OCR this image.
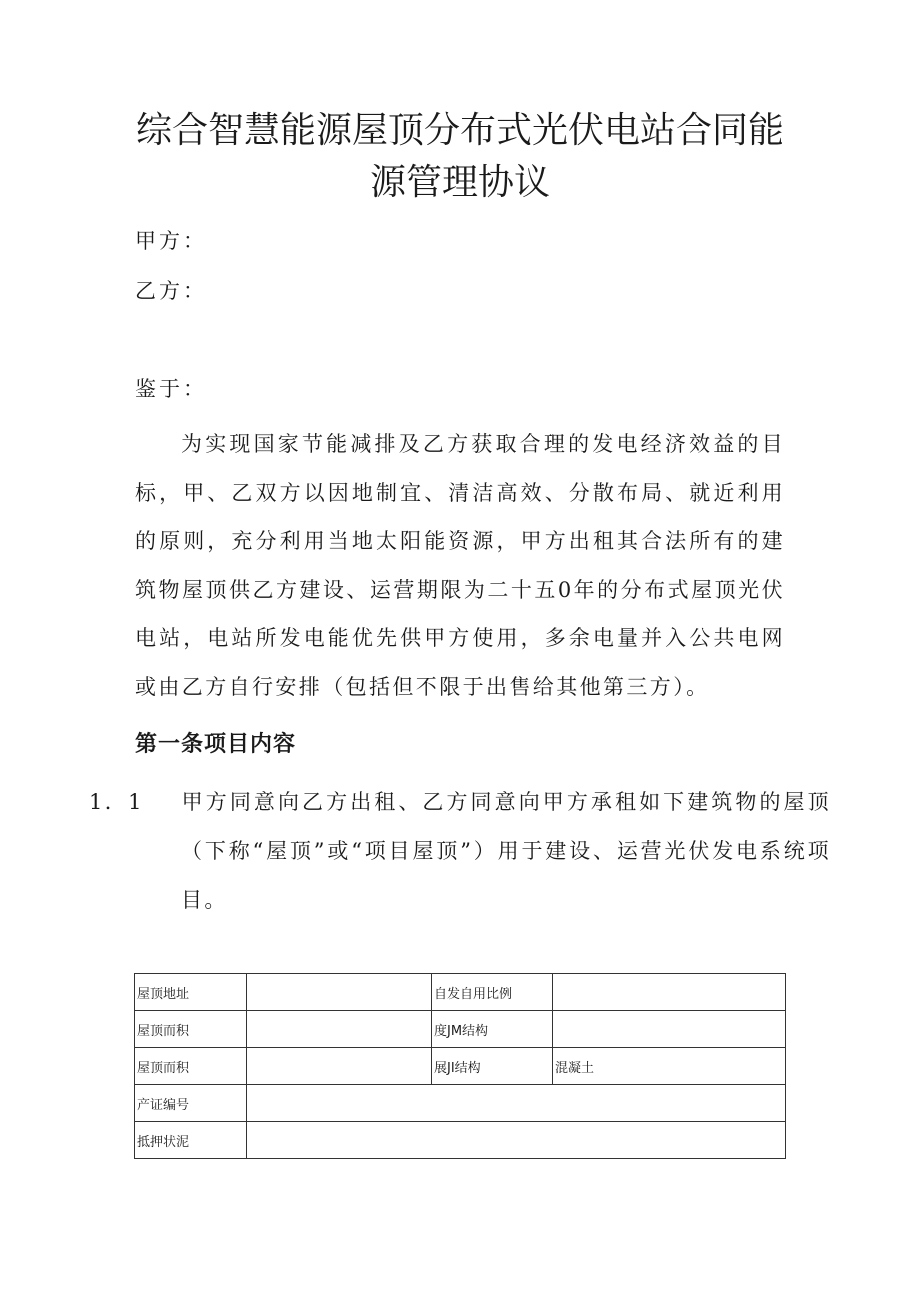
综合智慧能源屋顶分布式光伏电站合同能
源管理协议
甲方：
乙方：
鉴于：
为实现国家节能减排及乙方获取合理的发电经济效益的目标，甲、乙双方以因地制宜、清洁高效、分散布局、就近利用的原则，充分利用当地太阳能资源，甲方出租其合法所有的建筑物屋顶供乙方建设、运营期限为二十五0年的分布式屋顶光伏电站，电站所发电能优先供甲方使用，多余电量并入公共电网或由乙方自行安排（包括但不限于出售给其他第三方）。
第一条项目内容
1．1 甲方同意向乙方出租、乙方同意向甲方承租如下建筑物的屋顶（下称“屋顶”或“项目屋顶”）用于建设、运营光伏发电系统项目。
屋顶地址		自发自用比例	
屋顶而积		度JM结构	
屋顶而积		展JI结构	混凝土
产证编号			
抵押状泥			
